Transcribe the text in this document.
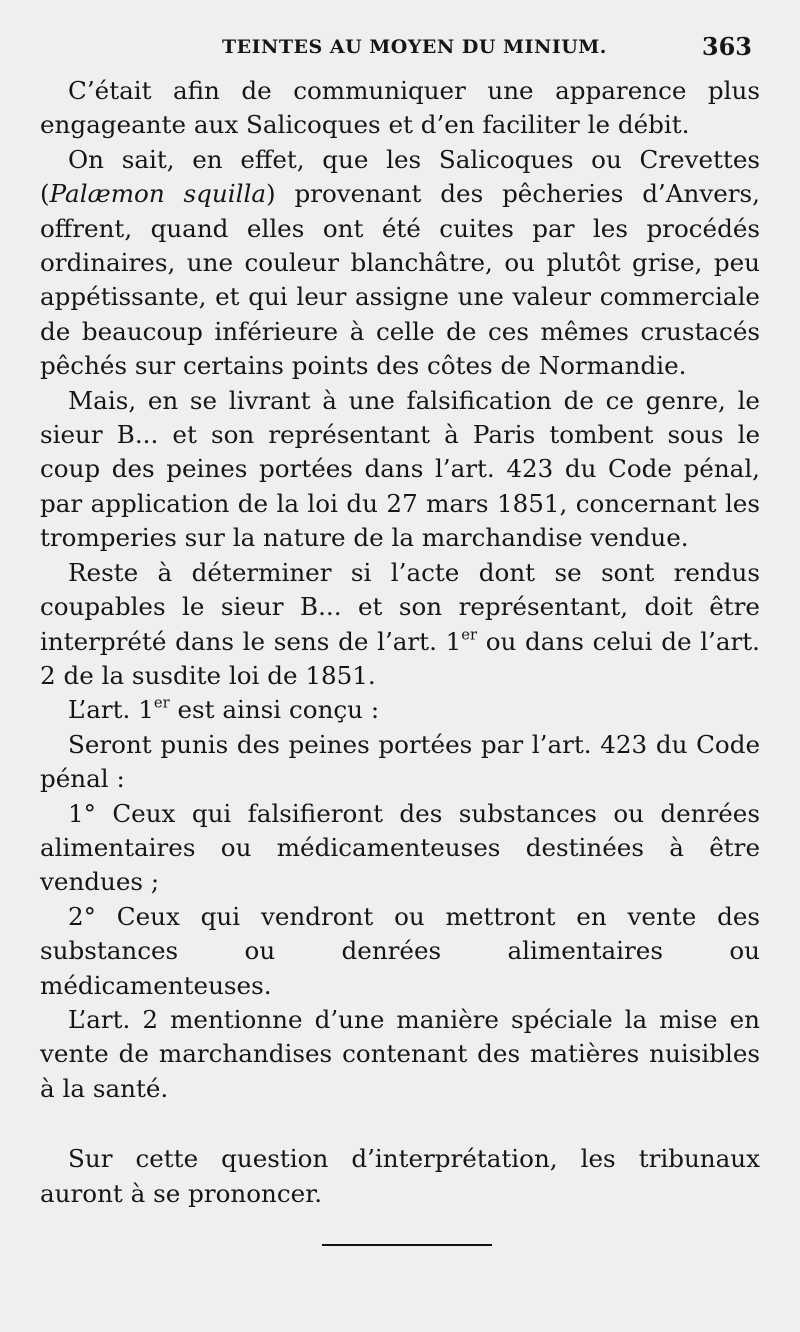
TEINTES AU MOYEN DU MINIUM.	363

C’était afin de communiquer une apparence plus engageante aux Salicoques et d’en faciliter le débit.

On sait, en effet, que les Salicoques ou Crevettes (Palæmon squilla) provenant des pêcheries d’Anvers, offrent, quand elles ont été cuites par les procédés ordinaires, une couleur blanchâtre, ou plutôt grise, peu appétissante, et qui leur assigne une valeur commerciale de beaucoup inférieure à celle de ces mêmes crustacés pêchés sur certains points des côtes de Normandie.

Mais, en se livrant à une falsification de ce genre, le sieur B... et son représentant à Paris tombent sous le coup des peines portées dans l’art. 423 du Code pénal, par application de la loi du 27 mars 1851, concernant les tromperies sur la nature de la marchandise vendue.

Reste à déterminer si l’acte dont se sont rendus coupables le sieur B... et son représentant, doit être interprété dans le sens de l’art. 1er ou dans celui de l’art. 2 de la susdite loi de 1851.

L’art. 1er est ainsi conçu :

Seront punis des peines portées par l’art. 423 du Code pénal :

1° Ceux qui falsifieront des substances ou denrées alimentaires ou médicamenteuses destinées à être vendues ;

2° Ceux qui vendront ou mettront en vente des substances ou denrées alimentaires ou médicamenteuses.

L’art. 2 mentionne d’une manière spéciale la mise en vente de marchandises contenant des matières nuisibles à la santé.

Sur cette question d’interprétation, les tribunaux auront à se prononcer.
